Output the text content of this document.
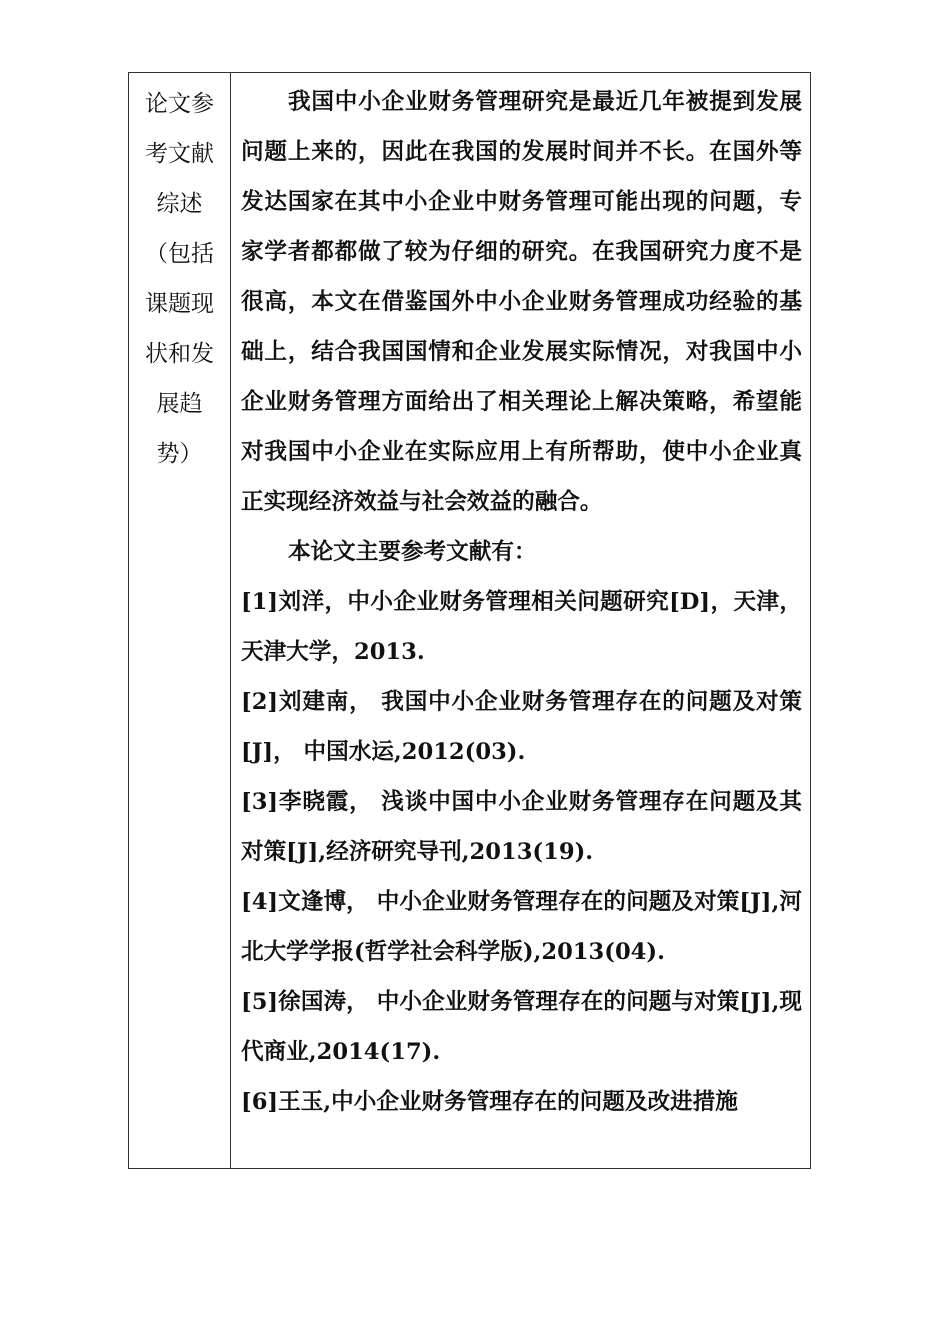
论文参
考文献
综述
（包括
课题现
状和发
展趋
势）

我国中小企业财务管理研究是最近几年被提到发展问题上来的，因此在我国的发展时间并不长。在国外等发达国家在其中小企业中财务管理可能出现的问题，专家学者都都做了较为仔细的研究。在我国研究力度不是很高，本文在借鉴国外中小企业财务管理成功经验的基础上，结合我国国情和企业发展实际情况，对我国中小企业财务管理方面给出了相关理论上解决策略，希望能对我国中小企业在实际应用上有所帮助，使中小企业真正实现经济效益与社会效益的融合。

本论文主要参考文献有：

[1]刘洋，中小企业财务管理相关问题研究[D]，天津， 天津大学，2013.

[2]刘建南， 我国中小企业财务管理存在的问题及对策[J]， 中国水运,2012(03).

[3]李晓霞， 浅谈中国中小企业财务管理存在问题及其对策[J],经济研究导刊,2013(19).

[4]文逢博， 中小企业财务管理存在的问题及对策[J],河北大学学报(哲学社会科学版),2013(04).

[5]徐国涛， 中小企业财务管理存在的问题与对策[J],现代商业,2014(17).

[6]王玉,中小企业财务管理存在的问题及改进措施
